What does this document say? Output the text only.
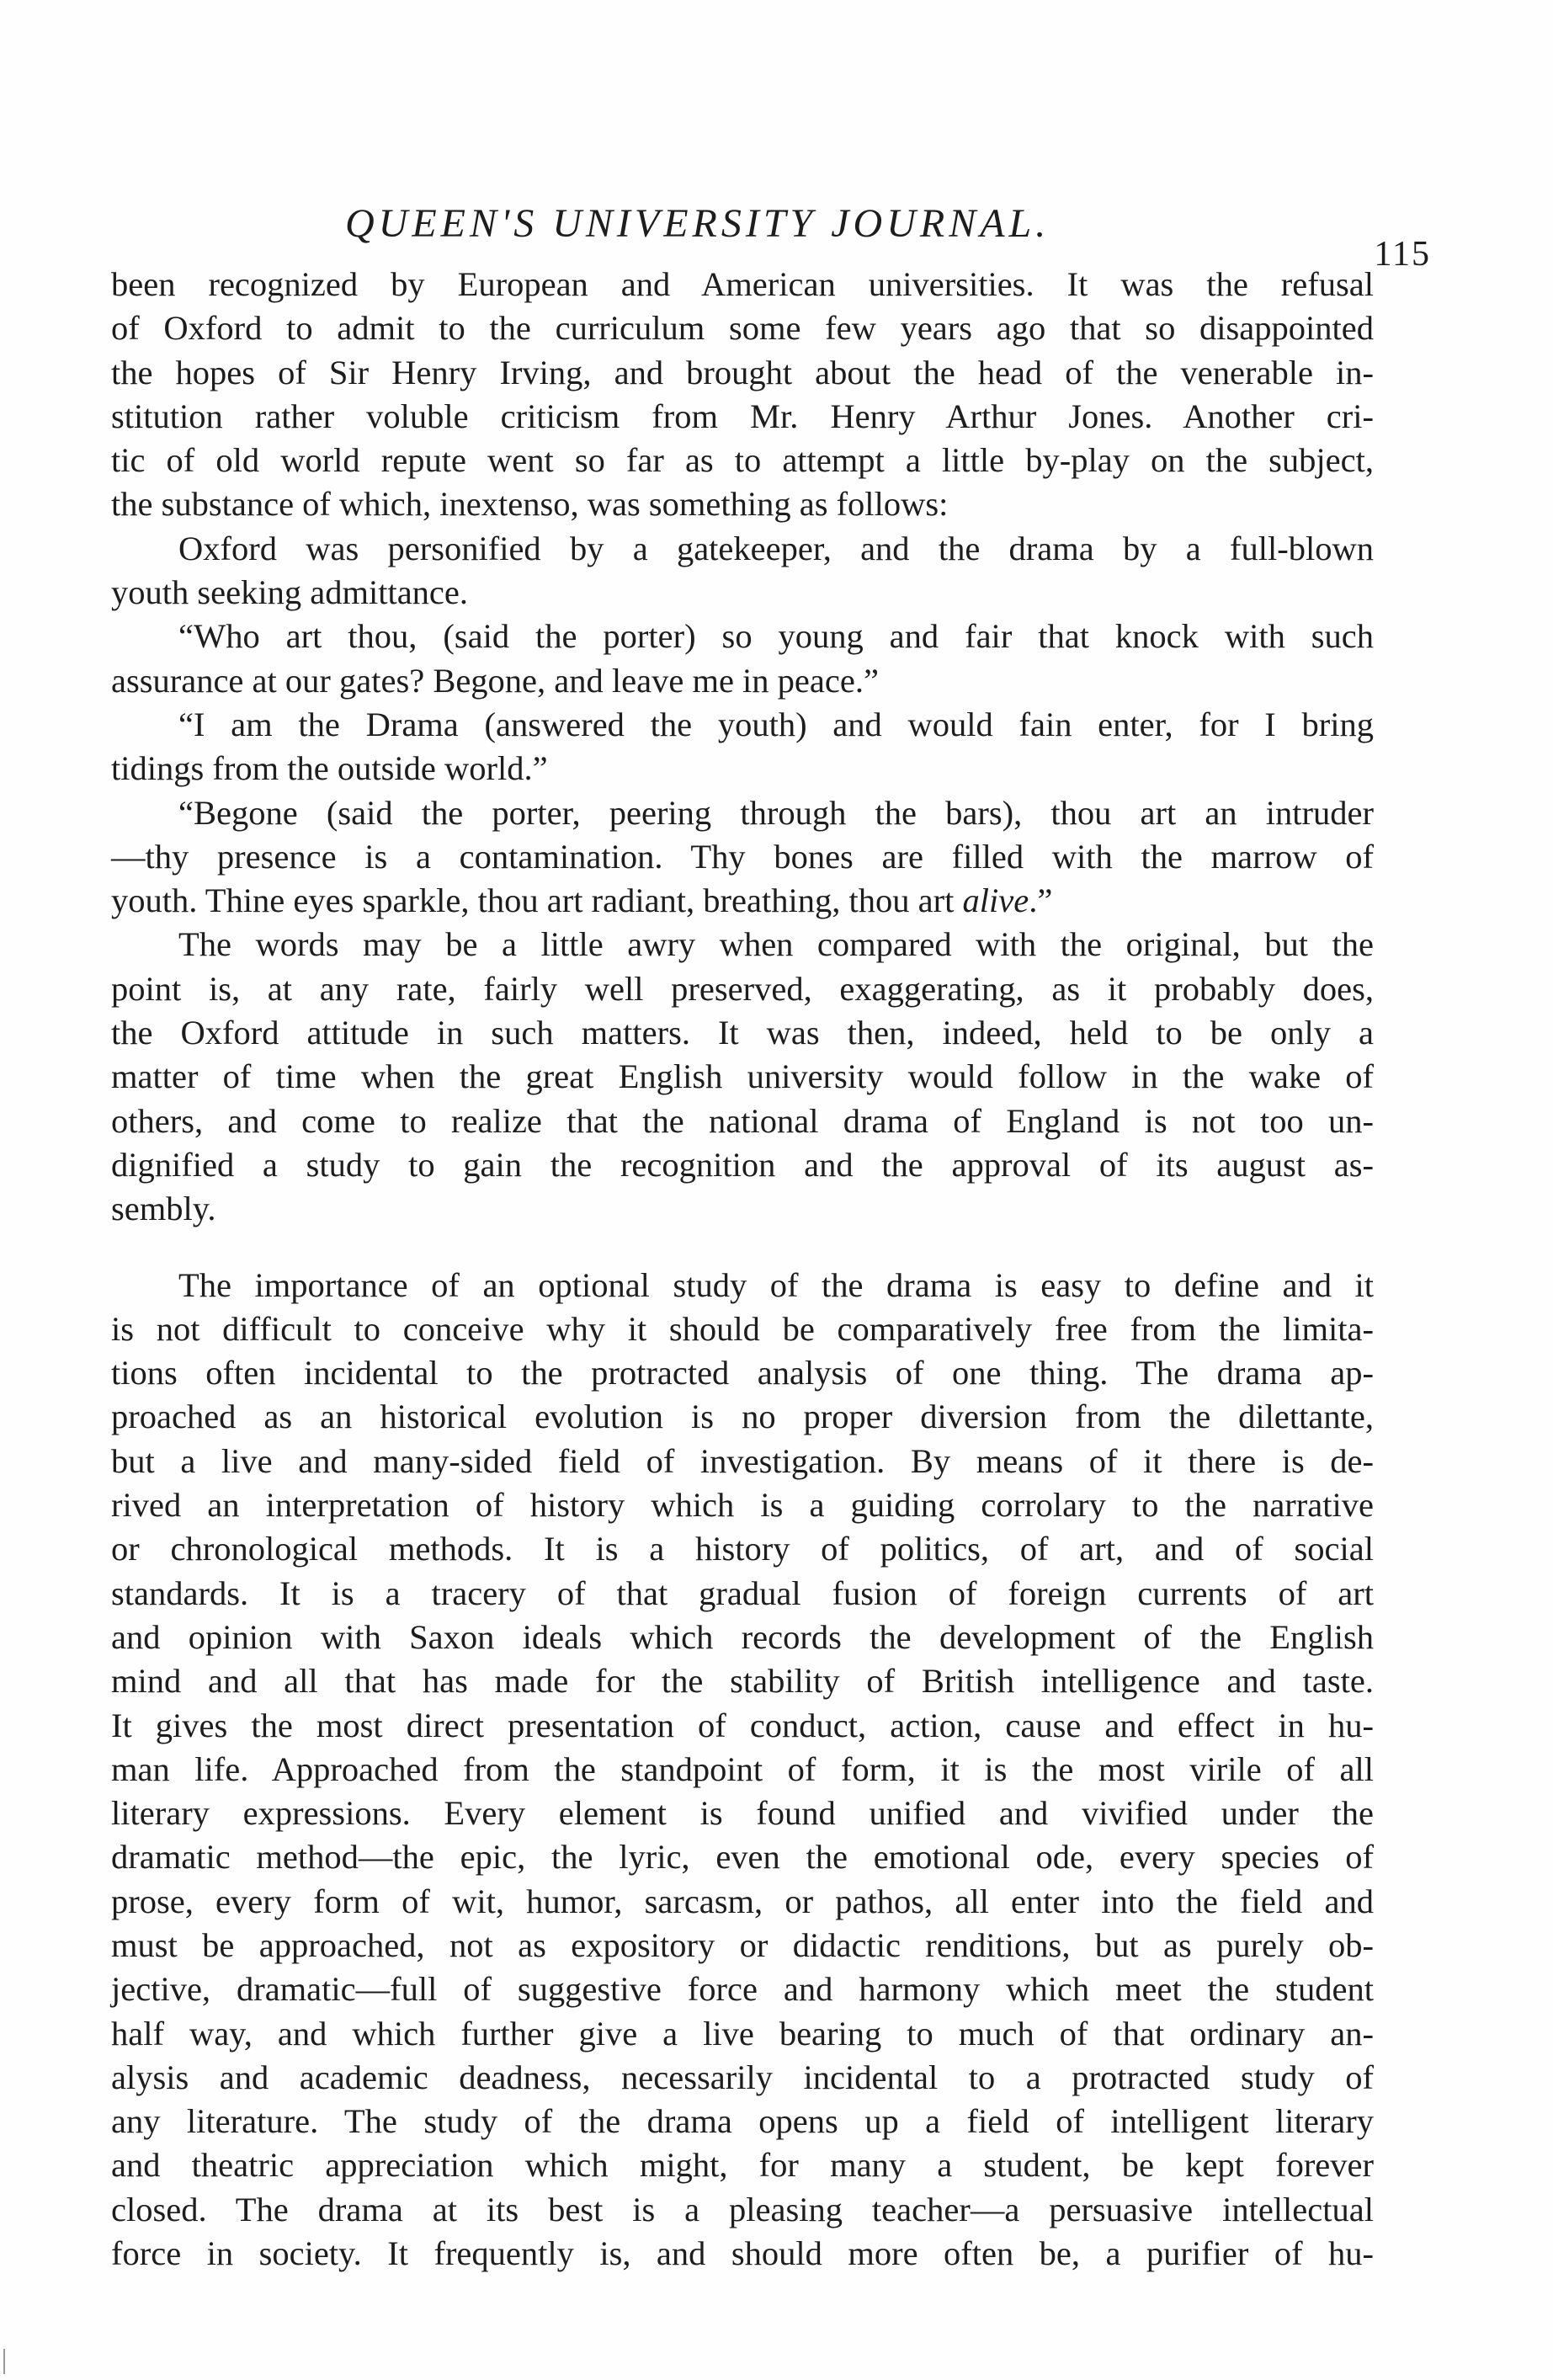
QUEEN'S UNIVERSITY JOURNAL.
115
been recognized by European and American universities. It was the refusal
of Oxford to admit to the curriculum some few years ago that so disappointed
the hopes of Sir Henry Irving, and brought about the head of the venerable in-
stitution rather voluble criticism from Mr. Henry Arthur Jones. Another cri-
tic of old world repute went so far as to attempt a little by-play on the subject,
the substance of which, inextenso, was something as follows:
Oxford was personified by a gatekeeper, and the drama by a full-blown
youth seeking admittance.
“Who art thou, (said the porter) so young and fair that knock with such
assurance at our gates? Begone, and leave me in peace.”
“I am the Drama (answered the youth) and would fain enter, for I bring
tidings from the outside world.”
“Begone (said the porter, peering through the bars), thou art an intruder
—thy presence is a contamination. Thy bones are filled with the marrow of
youth. Thine eyes sparkle, thou art radiant, breathing, thou art alive.”
The words may be a little awry when compared with the original, but the
point is, at any rate, fairly well preserved, exaggerating, as it probably does,
the Oxford attitude in such matters. It was then, indeed, held to be only a
matter of time when the great English university would follow in the wake of
others, and come to realize that the national drama of England is not too un-
dignified a study to gain the recognition and the approval of its august as-
sembly.
The importance of an optional study of the drama is easy to define and it
is not difficult to conceive why it should be comparatively free from the limita-
tions often incidental to the protracted analysis of one thing. The drama ap-
proached as an historical evolution is no proper diversion from the dilettante,
but a live and many-sided field of investigation. By means of it there is de-
rived an interpretation of history which is a guiding corrolary to the narrative
or chronological methods. It is a history of politics, of art, and of social
standards. It is a tracery of that gradual fusion of foreign currents of art
and opinion with Saxon ideals which records the development of the English
mind and all that has made for the stability of British intelligence and taste.
It gives the most direct presentation of conduct, action, cause and effect in hu-
man life. Approached from the standpoint of form, it is the most virile of all
literary expressions. Every element is found unified and vivified under the
dramatic method—the epic, the lyric, even the emotional ode, every species of
prose, every form of wit, humor, sarcasm, or pathos, all enter into the field and
must be approached, not as expository or didactic renditions, but as purely ob-
jective, dramatic—full of suggestive force and harmony which meet the student
half way, and which further give a live bearing to much of that ordinary an-
alysis and academic deadness, necessarily incidental to a protracted study of
any literature. The study of the drama opens up a field of intelligent literary
and theatric appreciation which might, for many a student, be kept forever
closed. The drama at its best is a pleasing teacher—a persuasive intellectual
force in society. It frequently is, and should more often be, a purifier of hu-
